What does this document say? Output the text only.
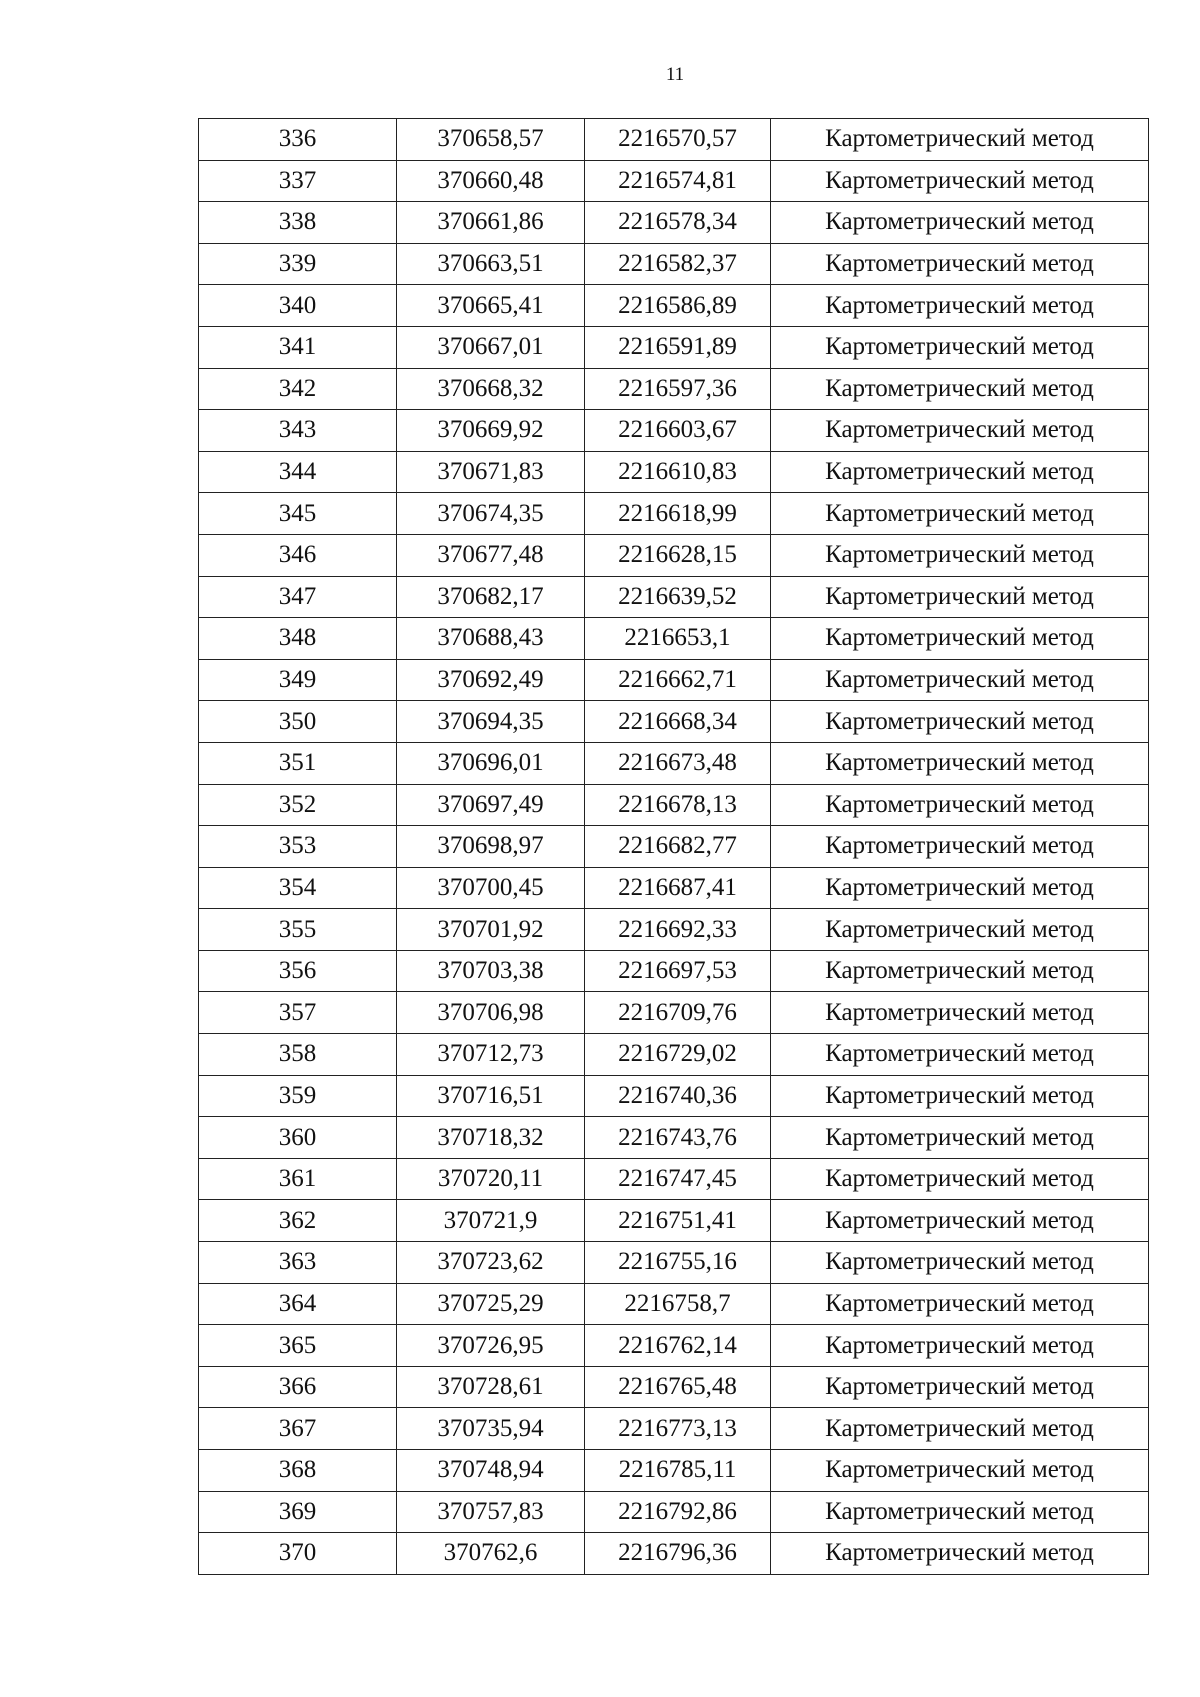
11
336	370658,57	2216570,57	Картометрический метод
337	370660,48	2216574,81	Картометрический метод
338	370661,86	2216578,34	Картометрический метод
339	370663,51	2216582,37	Картометрический метод
340	370665,41	2216586,89	Картометрический метод
341	370667,01	2216591,89	Картометрический метод
342	370668,32	2216597,36	Картометрический метод
343	370669,92	2216603,67	Картометрический метод
344	370671,83	2216610,83	Картометрический метод
345	370674,35	2216618,99	Картометрический метод
346	370677,48	2216628,15	Картометрический метод
347	370682,17	2216639,52	Картометрический метод
348	370688,43	2216653,1	Картометрический метод
349	370692,49	2216662,71	Картометрический метод
350	370694,35	2216668,34	Картометрический метод
351	370696,01	2216673,48	Картометрический метод
352	370697,49	2216678,13	Картометрический метод
353	370698,97	2216682,77	Картометрический метод
354	370700,45	2216687,41	Картометрический метод
355	370701,92	2216692,33	Картометрический метод
356	370703,38	2216697,53	Картометрический метод
357	370706,98	2216709,76	Картометрический метод
358	370712,73	2216729,02	Картометрический метод
359	370716,51	2216740,36	Картометрический метод
360	370718,32	2216743,76	Картометрический метод
361	370720,11	2216747,45	Картометрический метод
362	370721,9	2216751,41	Картометрический метод
363	370723,62	2216755,16	Картометрический метод
364	370725,29	2216758,7	Картометрический метод
365	370726,95	2216762,14	Картометрический метод
366	370728,61	2216765,48	Картометрический метод
367	370735,94	2216773,13	Картометрический метод
368	370748,94	2216785,11	Картометрический метод
369	370757,83	2216792,86	Картометрический метод
370	370762,6	2216796,36	Картометрический метод
